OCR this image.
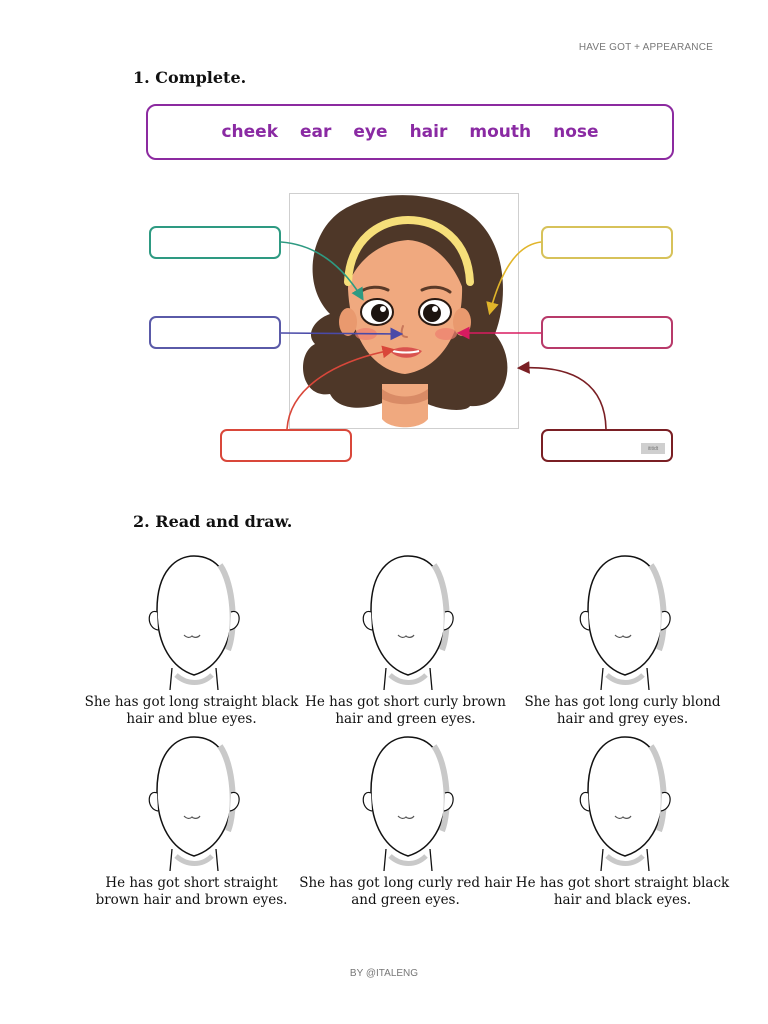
HAVE GOT + APPEARANCE
1. Complete.
cheek ear eye hair mouth nose
ititidt
2. Read and draw.
She has got long straight black hair and blue eyes.
He has got short curly brown hair and green eyes.
She has got long curly blond hair and grey eyes.
He has got short straight brown hair and brown eyes.
She has got long curly red hair and green eyes.
He has got short straight black hair and black eyes.
BY @ITALENG
